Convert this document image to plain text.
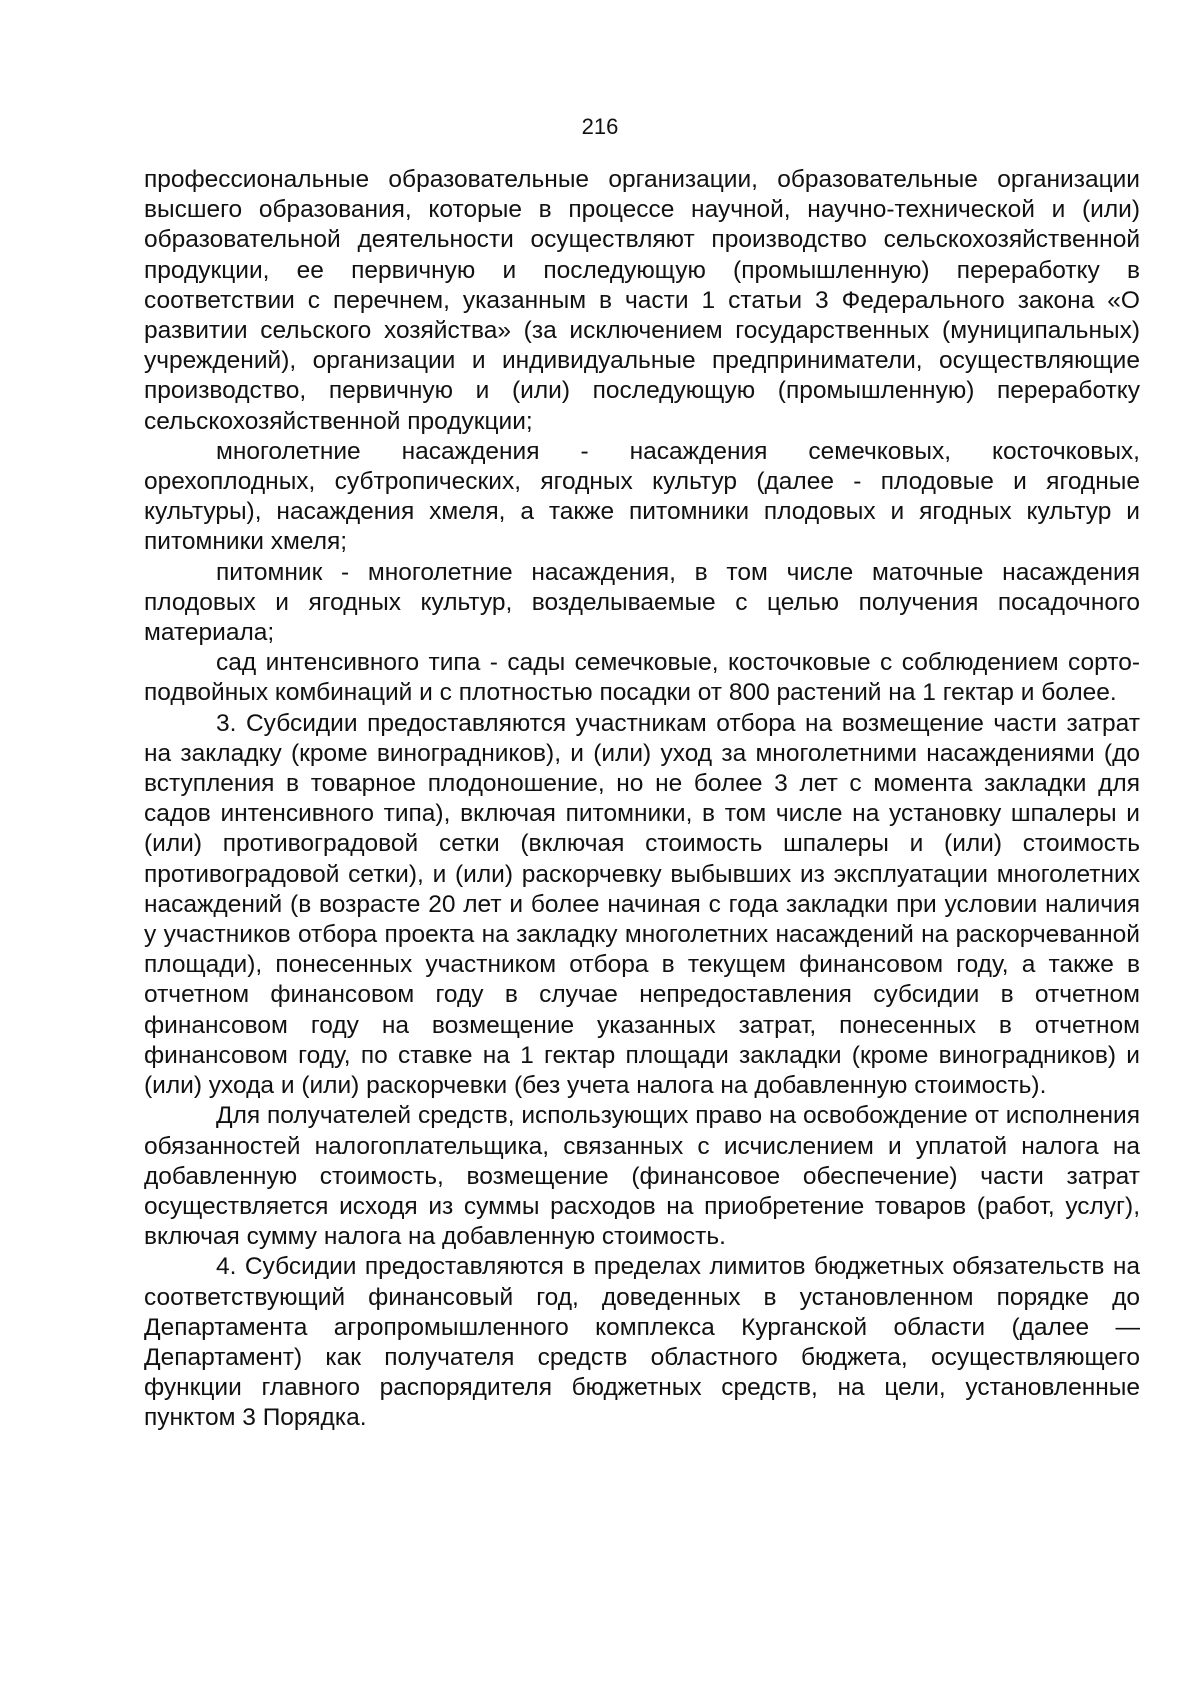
216

профессиональные образовательные организации, образовательные организации высшего образования, которые в процессе научной, научно-технической и (или) образовательной деятельности осуществляют производство сельскохозяйственной продукции, ее первичную и последующую (промышленную) переработку в соответствии с перечнем, указанным в части 1 статьи 3 Федерального закона «О развитии сельского хозяйства» (за исключением государственных (муниципальных) учреждений), организации и индивидуальные предприниматели, осуществляющие производство, первичную и (или) последующую (промышленную) переработку сельскохозяйственной продукции;

многолетние насаждения - насаждения семечковых, косточковых, орехоплодных, субтропических, ягодных культур (далее - плодовые и ягодные культуры), насаждения хмеля, а также питомники плодовых и ягодных культур и питомники хмеля;

питомник - многолетние насаждения, в том числе маточные насаждения плодовых и ягодных культур, возделываемые с целью получения посадочного материала;

сад интенсивного типа - сады семечковые, косточковые с соблюдением сорто-подвойных комбинаций и с плотностью посадки от 800 растений на 1 гектар и более.

3. Субсидии предоставляются участникам отбора на возмещение части затрат на закладку (кроме виноградников), и (или) уход за многолетними насаждениями (до вступления в товарное плодоношение, но не более 3 лет с момента закладки для садов интенсивного типа), включая питомники, в том числе на установку шпалеры и (или) противоградовой сетки (включая стоимость шпалеры и (или) стоимость противоградовой сетки), и (или) раскорчевку выбывших из эксплуатации многолетних насаждений (в возрасте 20 лет и более начиная с года закладки при условии наличия у участников отбора проекта на закладку многолетних насаждений на раскорчеванной площади), понесенных участником отбора в текущем финансовом году, а также в отчетном финансовом году в случае непредоставления субсидии в отчетном финансовом году на возмещение указанных затрат, понесенных в отчетном финансовом году, по ставке на 1 гектар площади закладки (кроме виноградников) и (или) ухода и (или) раскорчевки (без учета налога на добавленную стоимость).

Для получателей средств, использующих право на освобождение от исполнения обязанностей налогоплательщика, связанных с исчислением и уплатой налога на добавленную стоимость, возмещение (финансовое обеспечение) части затрат осуществляется исходя из суммы расходов на приобретение товаров (работ, услуг), включая сумму налога на добавленную стоимость.

4. Субсидии предоставляются в пределах лимитов бюджетных обязательств на соответствующий финансовый год, доведенных в установленном порядке до Департамента агропромышленного комплекса Курганской области (далее — Департамент) как получателя средств областного бюджета, осуществляющего функции главного распорядителя бюджетных средств, на цели, установленные пунктом 3 Порядка.
